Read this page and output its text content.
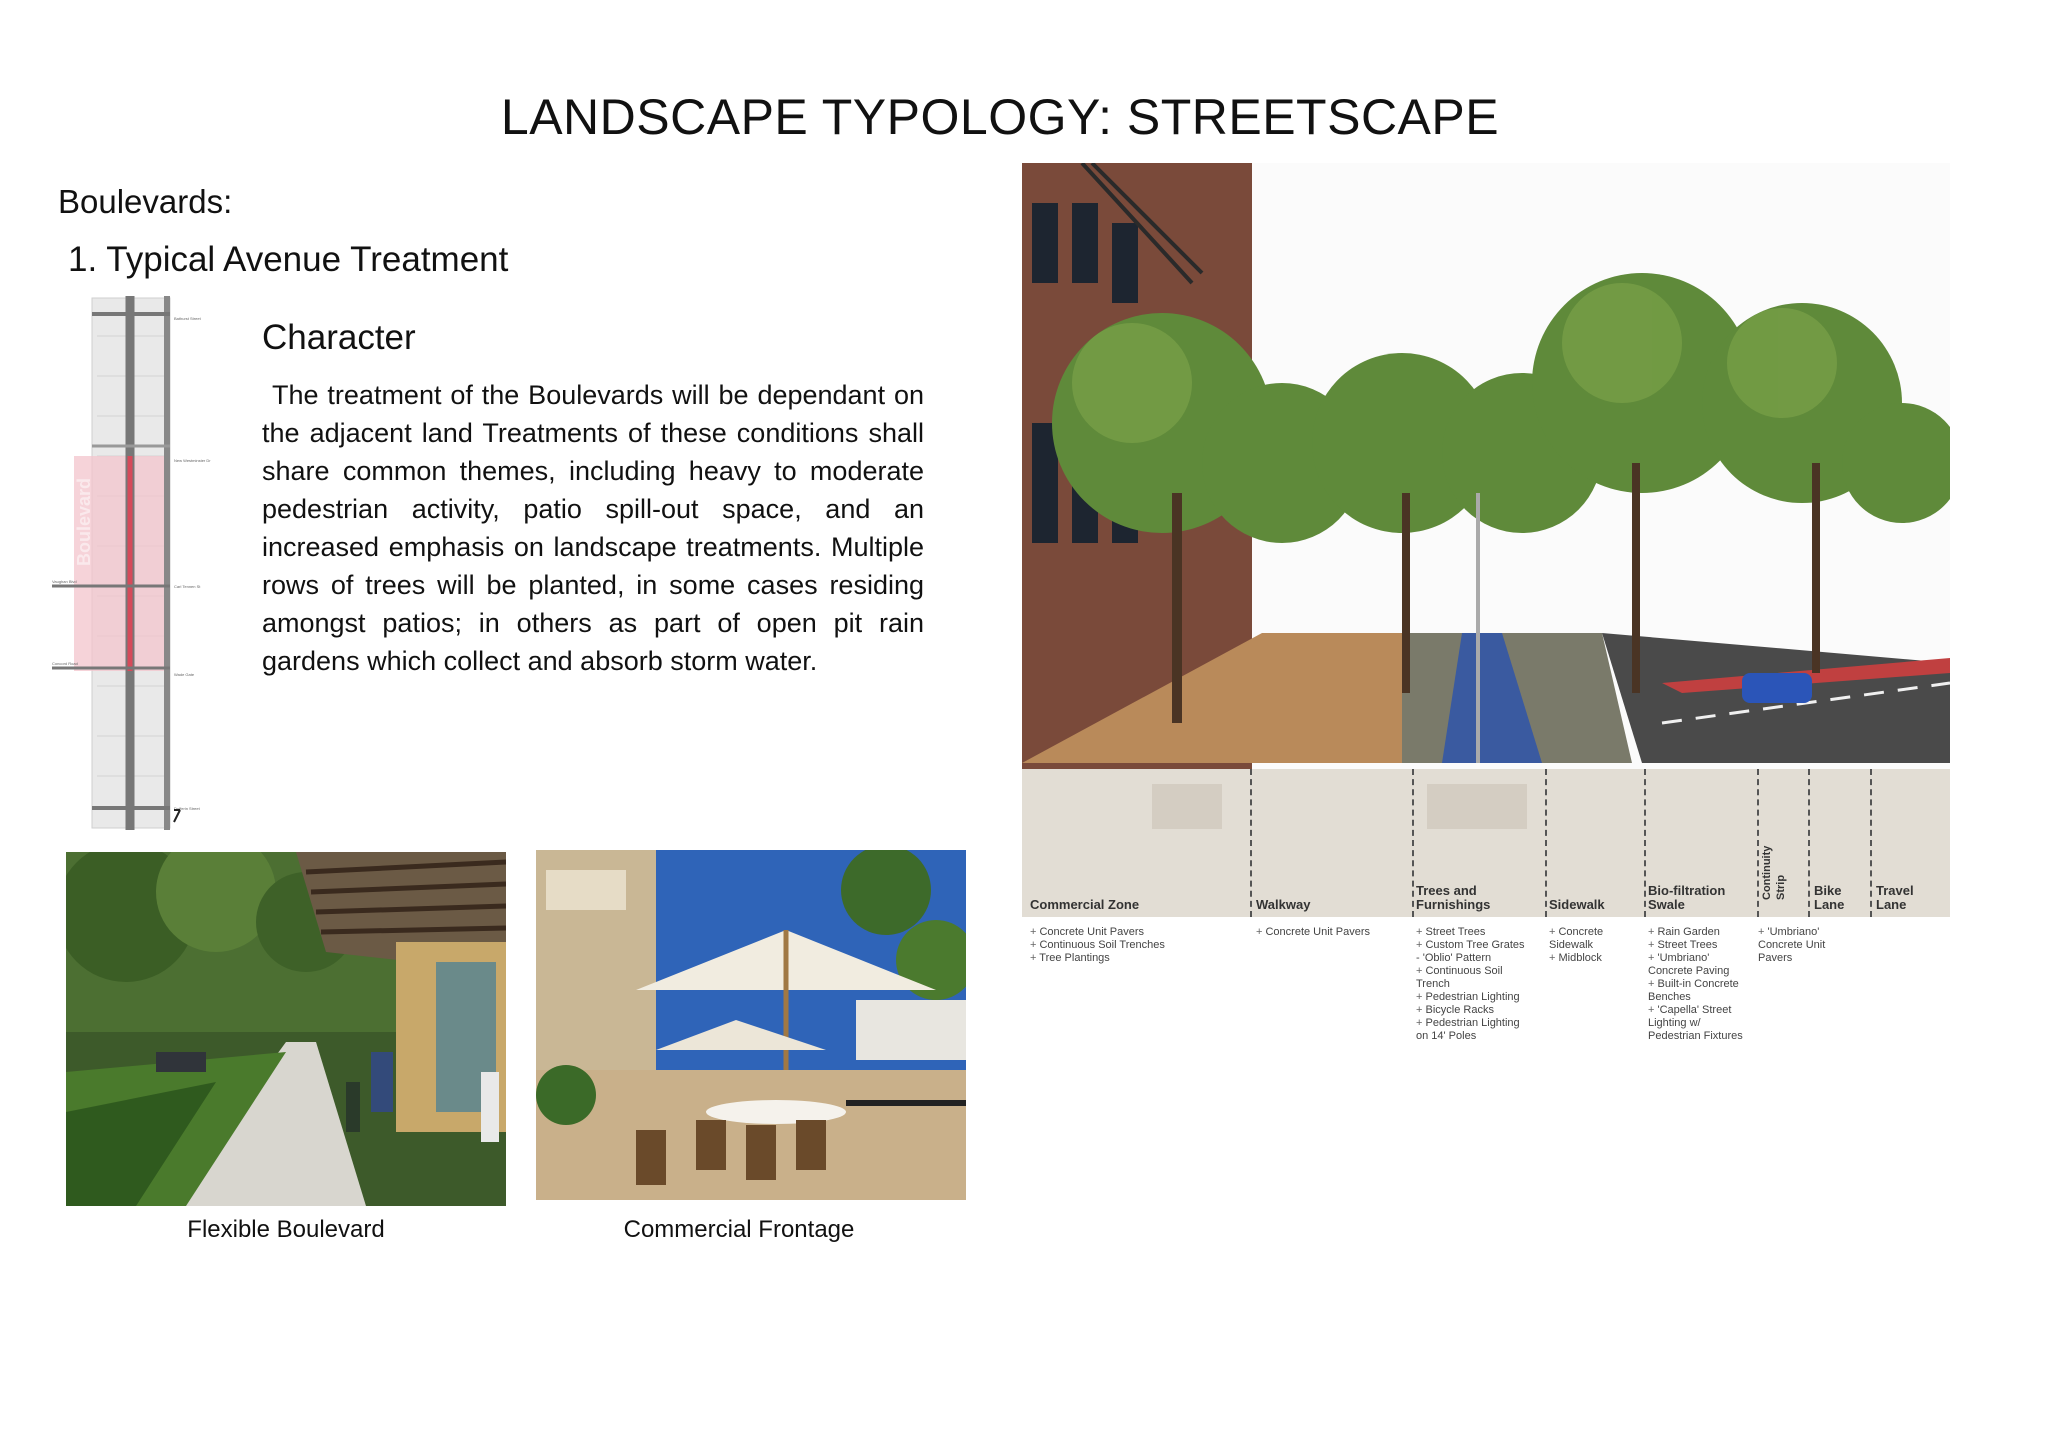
LANDSCAPE TYPOLOGY: STREETSCAPE
Boulevards:
1. Typical Avenue Treatment
Character
The treatment of the Boulevards will be dependant on the adjacent land Treatments of these conditions shall share common themes, including heavy to moderate pedestrian activity, patio spill-out space, and an increased emphasis on landscape treatments. Multiple rows of trees will be planted, in some cases residing amongst patios; in others as part of open pit rain gardens which collect and absorb storm water.
Boulevard
Bathurst Street
New Westminster Dr
Carl Tennen St
Wade Gate
Dufferin Street
Vaughan Blvd
Concord Road
Flexible Boulevard	Commercial Frontage
Commercial Zone
+ Concrete Unit Pavers
+ Continuous Soil Trenches
+ Tree Plantings
Walkway
+ Concrete Unit Pavers
Trees and Furnishings
+ Street Trees
+ Custom Tree Grates - 'Oblio' Pattern
+ Continuous Soil Trench
+ Pedestrian Lighting
+ Bicycle Racks
+ Pedestrian Lighting on 14' Poles
Sidewalk
+ Concrete Sidewalk
+ Midblock
Bio-filtration Swale
+ Rain Garden
+ Street Trees
+ 'Umbriano' Concrete Paving
+ Built-in Concrete Benches
+ 'Capella' Street Lighting w/ Pedestrian Fixtures
Continuity Strip
+ 'Umbriano' Concrete Unit Pavers
Bike Lane
Travel Lane
